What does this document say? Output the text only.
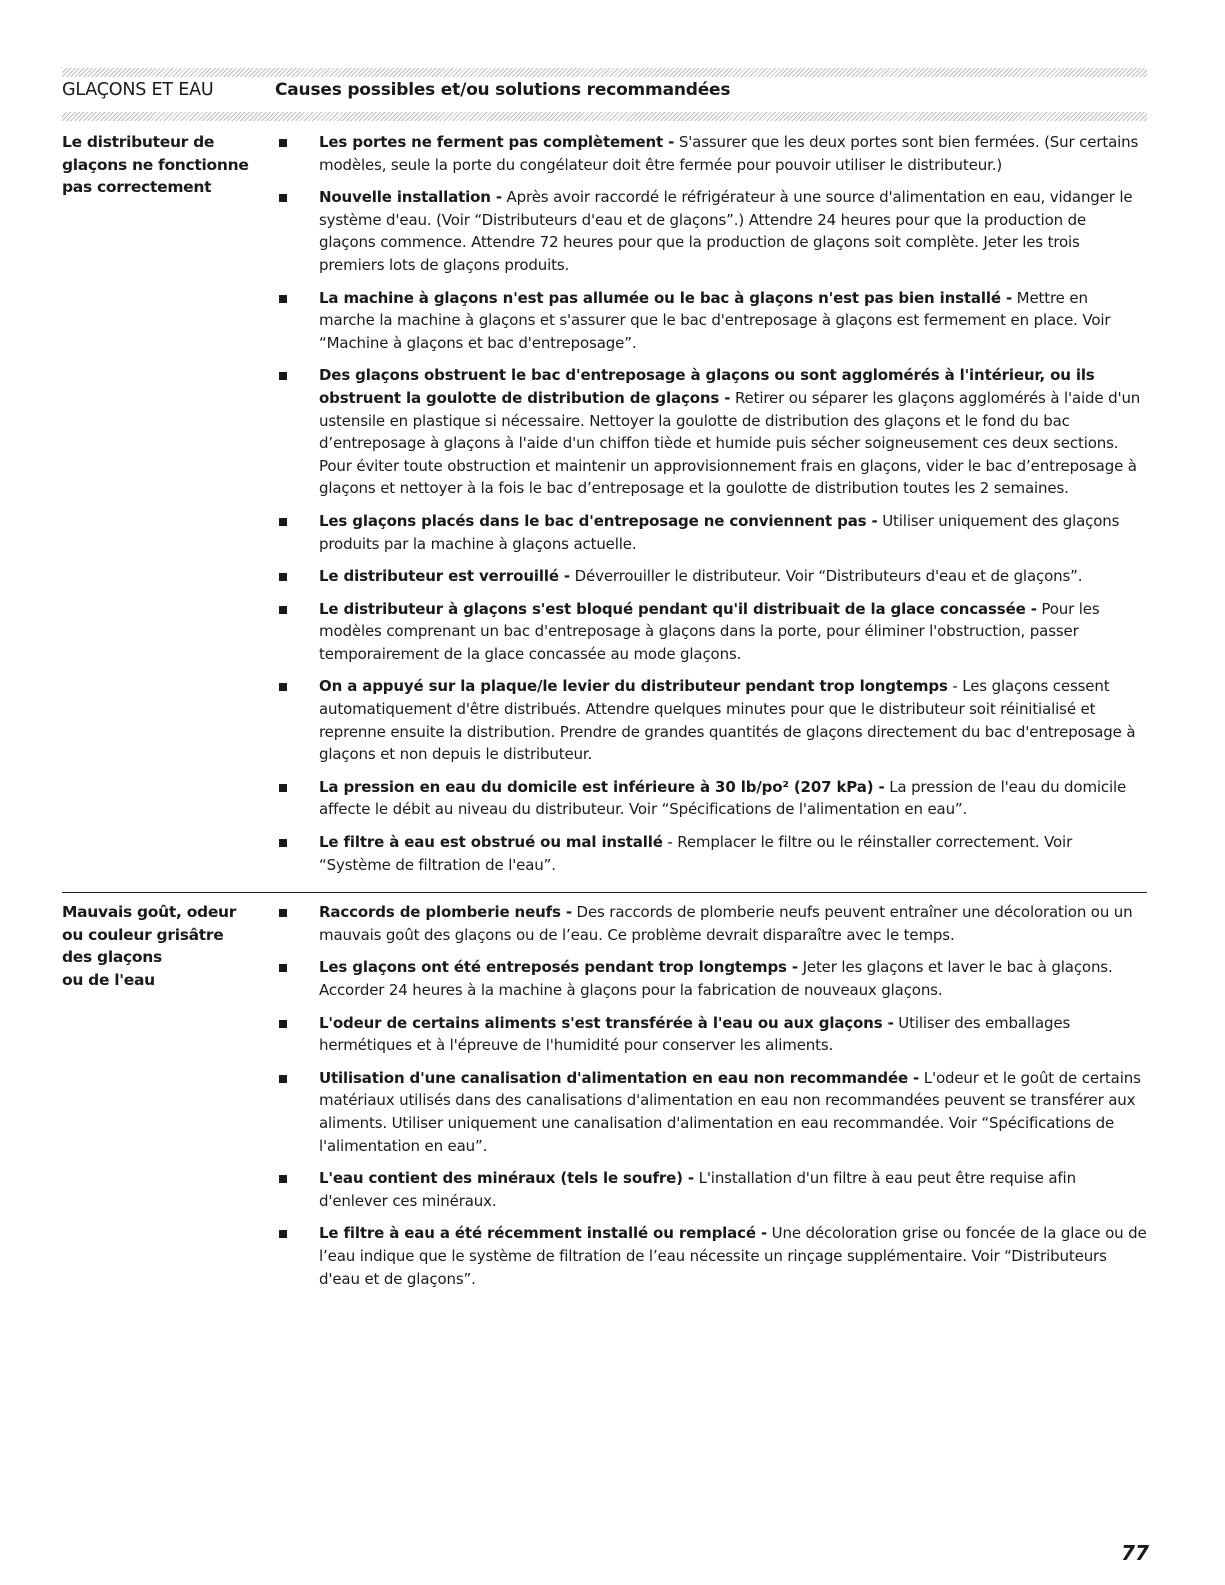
GLAÇONS ET EAU	Causes possibles et/ou solutions recommandées
Le distributeur de
glaçons ne fonctionne
pas correctement
Les portes ne ferment pas complètement - S'assurer que les deux portes sont bien fermées. (Sur certains modèles, seule la porte du congélateur doit être fermée pour pouvoir utiliser le distributeur.)
Nouvelle installation - Après avoir raccordé le réfrigérateur à une source d'alimentation en eau, vidanger le système d'eau. (Voir “Distributeurs d'eau et de glaçons”.) Attendre 24 heures pour que la production de glaçons commence. Attendre 72 heures pour que la production de glaçons soit complète. Jeter les trois premiers lots de glaçons produits.
La machine à glaçons n'est pas allumée ou le bac à glaçons n'est pas bien installé - Mettre en marche la machine à glaçons et s'assurer que le bac d'entreposage à glaçons est fermement en place. Voir “Machine à glaçons et bac d'entreposage”.
Des glaçons obstruent le bac d'entreposage à glaçons ou sont agglomérés à l'intérieur, ou ils obstruent la goulotte de distribution de glaçons - Retirer ou séparer les glaçons agglomérés à l'aide d'un ustensile en plastique si nécessaire. Nettoyer la goulotte de distribution des glaçons et le fond du bac d’entreposage à glaçons à l'aide d'un chiffon tiède et humide puis sécher soigneusement ces deux sections. Pour éviter toute obstruction et maintenir un approvisionnement frais en glaçons, vider le bac d’entreposage à glaçons et nettoyer à la fois le bac d’entreposage et la goulotte de distribution toutes les 2 semaines.
Les glaçons placés dans le bac d'entreposage ne conviennent pas - Utiliser uniquement des glaçons produits par la machine à glaçons actuelle.
Le distributeur est verrouillé - Déverrouiller le distributeur. Voir “Distributeurs d'eau et de glaçons”.
Le distributeur à glaçons s'est bloqué pendant qu'il distribuait de la glace concassée - Pour les modèles comprenant un bac d'entreposage à glaçons dans la porte, pour éliminer l'obstruction, passer temporairement de la glace concassée au mode glaçons.
On a appuyé sur la plaque/le levier du distributeur pendant trop longtemps - Les glaçons cessent automatiquement d'être distribués. Attendre quelques minutes pour que le distributeur soit réinitialisé et reprenne ensuite la distribution. Prendre de grandes quantités de glaçons directement du bac d'entreposage à glaçons et non depuis le distributeur.
La pression en eau du domicile est inférieure à 30 lb/po² (207 kPa) - La pression de l'eau du domicile affecte le débit au niveau du distributeur. Voir “Spécifications de l'alimentation en eau”.
Le filtre à eau est obstrué ou mal installé - Remplacer le filtre ou le réinstaller correctement. Voir “Système de filtration de l'eau”.
Mauvais goût, odeur
ou couleur grisâtre
des glaçons
ou de l'eau
Raccords de plomberie neufs - Des raccords de plomberie neufs peuvent entraîner une décoloration ou un mauvais goût des glaçons ou de l’eau. Ce problème devrait disparaître avec le temps.
Les glaçons ont été entreposés pendant trop longtemps - Jeter les glaçons et laver le bac à glaçons. Accorder 24 heures à la machine à glaçons pour la fabrication de nouveaux glaçons.
L'odeur de certains aliments s'est transférée à l'eau ou aux glaçons - Utiliser des emballages hermétiques et à l'épreuve de l'humidité pour conserver les aliments.
Utilisation d'une canalisation d'alimentation en eau non recommandée - L'odeur et le goût de certains matériaux utilisés dans des canalisations d'alimentation en eau non recommandées peuvent se transférer aux aliments. Utiliser uniquement une canalisation d'alimentation en eau recommandée. Voir “Spécifications de l'alimentation en eau”.
L'eau contient des minéraux (tels le soufre) - L'installation d'un filtre à eau peut être requise afin d'enlever ces minéraux.
Le filtre à eau a été récemment installé ou remplacé - Une décoloration grise ou foncée de la glace ou de l’eau indique que le système de filtration de l’eau nécessite un rinçage supplémentaire. Voir “Distributeurs d'eau et de glaçons”.
77
